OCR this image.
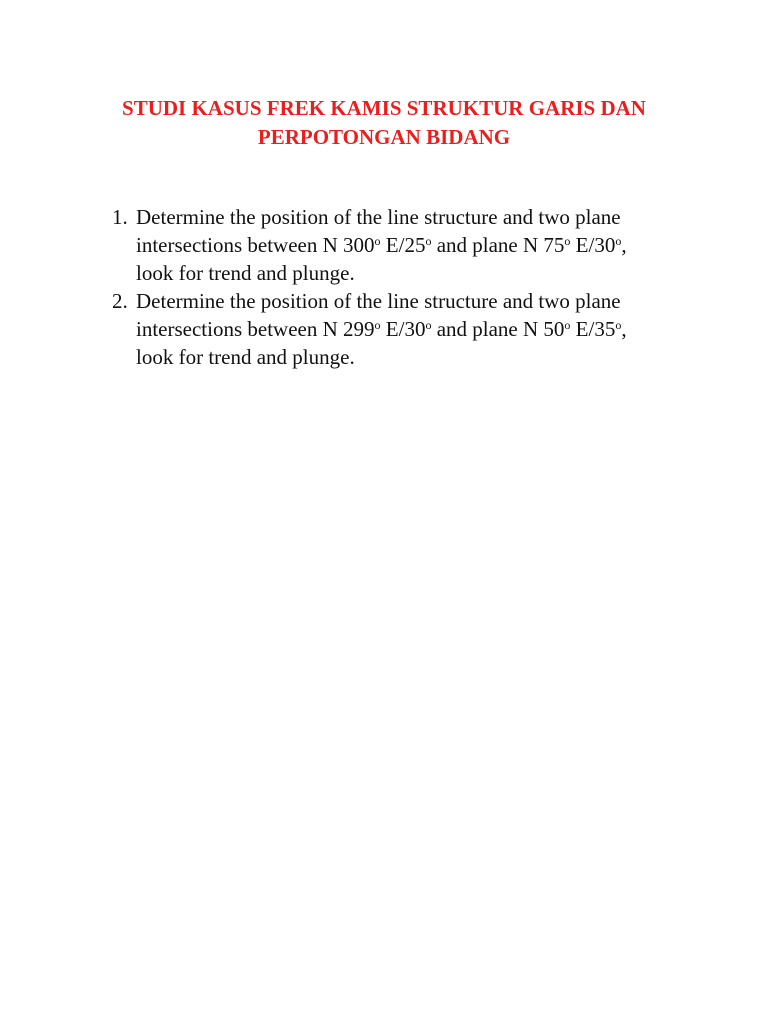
STUDI KASUS FREK KAMIS STRUKTUR GARIS DAN
PERPOTONGAN BIDANG
1. Determine the position of the line structure and two plane
intersections between N 300$^o$ E/25$^o$ and plane N 75$^o$ E/30$^o$,
look for trend and plunge.
2. Determine the position of the line structure and two plane
intersections between N 299$^o$ E/30$^o$ and plane N 50$^o$ E/35$^o$,
look for trend and plunge.
